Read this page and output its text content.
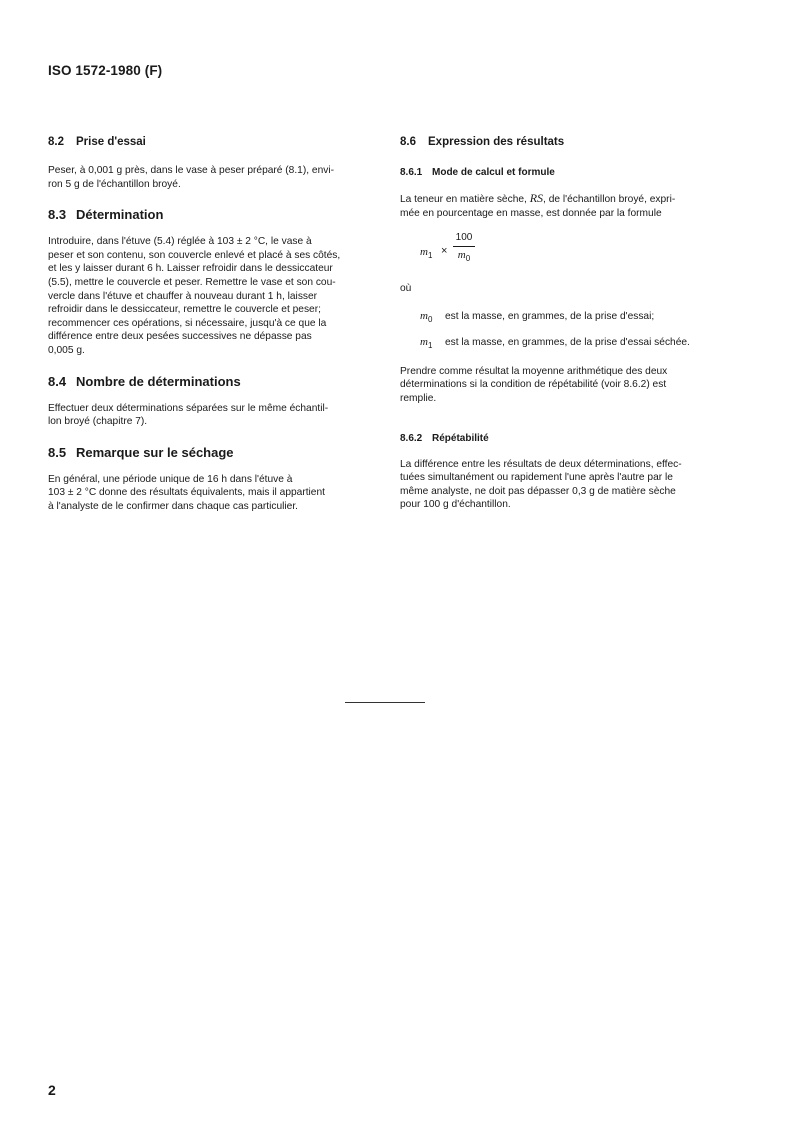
ISO 1572-1980 (F)
8.2 Prise d'essai

Peser, à 0,001 g près, dans le vase à peser préparé (8.1), envi-
ron 5 g de l'échantillon broyé.

8.3 Détermination

Introduire, dans l'étuve (5.4) réglée à 103 ± 2 °C, le vase à
peser et son contenu, son couvercle enlevé et placé à ses côtés,
et les y laisser durant 6 h. Laisser refroidir dans le dessiccateur
(5.5), mettre le couvercle et peser. Remettre le vase et son cou-
vercle dans l'étuve et chauffer à nouveau durant 1 h, laisser
refroidir dans le dessiccateur, remettre le couvercle et peser;
recommencer ces opérations, si nécessaire, jusqu'à ce que la
différence entre deux pesées successives ne dépasse pas
0,005 g.

8.4 Nombre de déterminations

Effectuer deux déterminations séparées sur le même échantil-
lon broyé (chapitre 7).

8.5 Remarque sur le séchage

En général, une période unique de 16 h dans l'étuve à
103 ± 2 °C donne des résultats équivalents, mais il appartient
à l'analyste de le confirmer dans chaque cas particulier.

8.6 Expression des résultats
8.6.1 Mode de calcul et formule

La teneur en matière sèche, RS, de l'échantillon broyé, expri-
mée en pourcentage en masse, est donnée par la formule

$m_1$ ×
100
$m_0$

où

$m_0$ est la masse, en grammes, de la prise d'essai;
$m_1$ est la masse, en grammes, de la prise d'essai séchée.

Prendre comme résultat la moyenne arithmétique des deux
déterminations si la condition de répétabilité (voir 8.6.2) est
remplie.

8.6.2 Répétabilité

La différence entre les résultats de deux déterminations, effec-
tuées simultanément ou rapidement l'une après l'autre par le
même analyste, ne doit pas dépasser 0,3 g de matière sèche
pour 100 g d'échantillon.

2
